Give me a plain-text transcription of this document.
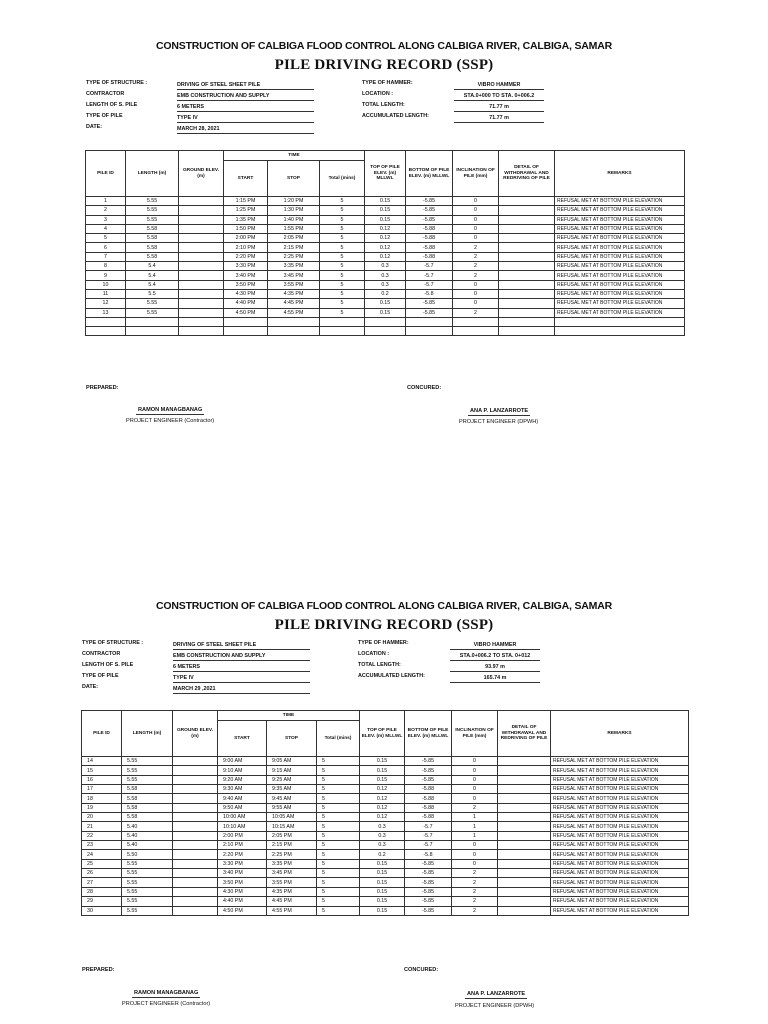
CONSTRUCTION OF CALBIGA FLOOD CONTROL ALONG CALBIGA RIVER, CALBIGA, SAMAR
PILE DRIVING RECORD (SSP)
TYPE OF STRUCTURE :	DRIVING OF STEEL SHEET PILE
CONTRACTOR	EMB CONSTRUCTION AND SUPPLY
LENGTH OF S. PILE	6 METERS
TYPE OF PILE	TYPE IV
DATE:	MARCH 28, 2021
TYPE OF HAMMER:	VIBRO HAMMER
LOCATION :	STA.0+000 TO STA. 0+006.2
TOTAL LENGTH:	71.77 m
ACCUMULATED LENGTH:	71.77 m
PILE ID	LENGTH (m)	GROUND ELEV. (m)	TIME			TOP OF PILE ELEV. (m) MLLWL	BOTTOM OF PILE ELEV. (m) MLLWL	INCLINATION OF PILE (mm)	DETAIL OF WITHDRAWAL AND REDRIVING OF PILE	REMARKS
			START	STOP	Total (mins)					
1	5.55		1:15 PM	1:20 PM	5	0.15	-5.85	0		REFUSAL MET AT BOTTOM PILE ELEVATION
2	5.55		1:25 PM	1:30 PM	5	0.15	-5.85	0		REFUSAL MET AT BOTTOM PILE ELEVATION
3	5.55		1:35 PM	1:40 PM	5	0.15	-5.85	0		REFUSAL MET AT BOTTOM PILE ELEVATION
4	5.58		1:50 PM	1:55 PM	5	0.12	-5.88	0		REFUSAL MET AT BOTTOM PILE ELEVATION
5	5.58		2:00 PM	2:05 PM	5	0.12	-5.88	0		REFUSAL MET AT BOTTOM PILE ELEVATION
6	5.58		2:10 PM	2:15 PM	5	0.12	-5.88	2		REFUSAL MET AT BOTTOM PILE ELEVATION
7	5.58		2:20 PM	2:25 PM	5	0.12	-5.88	2		REFUSAL MET AT BOTTOM PILE ELEVATION
8	5.4		3:30 PM	3:35 PM	5	0.3	-5.7	2		REFUSAL MET AT BOTTOM PILE ELEVATION
9	5.4		3:40 PM	3:45 PM	5	0.3	-5.7	2		REFUSAL MET AT BOTTOM PILE ELEVATION
10	5.4		3:50 PM	3:55 PM	5	0.3	-5.7	0		REFUSAL MET AT BOTTOM PILE ELEVATION
11	5.5		4:30 PM	4:35 PM	5	0.2	-5.8	0		REFUSAL MET AT BOTTOM PILE ELEVATION
12	5.55		4:40 PM	4:45 PM	5	0.15	-5.85	0		REFUSAL MET AT BOTTOM PILE ELEVATION
13	5.55		4:50 PM	4:55 PM	5	0.15	-5.85	2		REFUSAL MET AT BOTTOM PILE ELEVATION

PREPARED:	CONCURED:
RAMON MANAGBANAG
PROJECT ENGINEER (Contractor)
ANA P. LANZARROTE
PROJECT ENGINEER (DPWH)
CONSTRUCTION OF CALBIGA FLOOD CONTROL ALONG CALBIGA RIVER, CALBIGA, SAMAR
PILE DRIVING RECORD (SSP)
TYPE OF STRUCTURE :	DRIVING OF STEEL SHEET PILE
CONTRACTOR	EMB CONSTRUCTION AND SUPPLY
LENGTH OF S. PILE	6 METERS
TYPE OF PILE	TYPE IV
DATE:	MARCH 29 ,2021
TYPE OF HAMMER:	VIBRO HAMMER
LOCATION :	STA.0+006.2 TO STA. 0+012
TOTAL LENGTH:	93.97 m
ACCUMULATED LENGTH:	165.74 m
PILE ID	LENGTH (m)	GROUND ELEV. (m)	TIME			TOP OF PILE ELEV. (m) MLLWL	BOTTOM OF PILE ELEV. (m) MLLWL	INCLINATION OF PILE (mm)	DETAIL OF WITHDRAWAL AND REDRIVING OF PILE	REMARKS
			START	STOP	Total (mins)					
14	5.55		9:00 AM	9:05 AM	5	0.15	-5.85	0		REFUSAL MET AT BOTTOM PILE ELEVATION
15	5.55		9:10 AM	9:15 AM	5	0.15	-5.85	0		REFUSAL MET AT BOTTOM PILE ELEVATION
16	5.55		9:20 AM	9:25 AM	5	0.15	-5.85	0		REFUSAL MET AT BOTTOM PILE ELEVATION
17	5.58		9:30 AM	9:35 AM	5	0.12	-5.88	0		REFUSAL MET AT BOTTOM PILE ELEVATION
18	5.58		9:40 AM	9:45 AM	5	0.12	-5.88	0		REFUSAL MET AT BOTTOM PILE ELEVATION
19	5.58		9:50 AM	9:55 AM	5	0.12	-5.88	2		REFUSAL MET AT BOTTOM PILE ELEVATION
20	5.58		10:00 AM	10:05 AM	5	0.12	-5.88	1		REFUSAL MET AT BOTTOM PILE ELEVATION
21	5.40		10:10 AM	10:15 AM	5	0.3	-5.7	1		REFUSAL MET AT BOTTOM PILE ELEVATION
22	5.40		2:00 PM	2:05 PM	5	0.3	-5.7	1		REFUSAL MET AT BOTTOM PILE ELEVATION
23	5.40		2:10 PM	2:15 PM	5	0.3	-5.7	0		REFUSAL MET AT BOTTOM PILE ELEVATION
24	5.50		2:20 PM	2:25 PM	5	0.2	-5.8	0		REFUSAL MET AT BOTTOM PILE ELEVATION
25	5.55		3:30 PM	3:35 PM	5	0.15	-5.85	0		REFUSAL MET AT BOTTOM PILE ELEVATION
26	5.55		3:40 PM	3:45 PM	5	0.15	-5.85	2		REFUSAL MET AT BOTTOM PILE ELEVATION
27	5.55		3:50 PM	3:55 PM	5	0.15	-5.85	2		REFUSAL MET AT BOTTOM PILE ELEVATION
28	5.55		4:30 PM	4:35 PM	5	0.15	-5.85	2		REFUSAL MET AT BOTTOM PILE ELEVATION
29	5.55		4:40 PM	4:45 PM	5	0.15	-5.85	2		REFUSAL MET AT BOTTOM PILE ELEVATION
30	5.55		4:50 PM	4:55 PM	5	0.15	-5.85	2		REFUSAL MET AT BOTTOM PILE ELEVATION
PREPARED:	CONCURED:
RAMON MANAGBANAG
PROJECT ENGINEER (Contractor)
ANA P. LANZARROTE
PROJECT ENGINEER (DPWH)
